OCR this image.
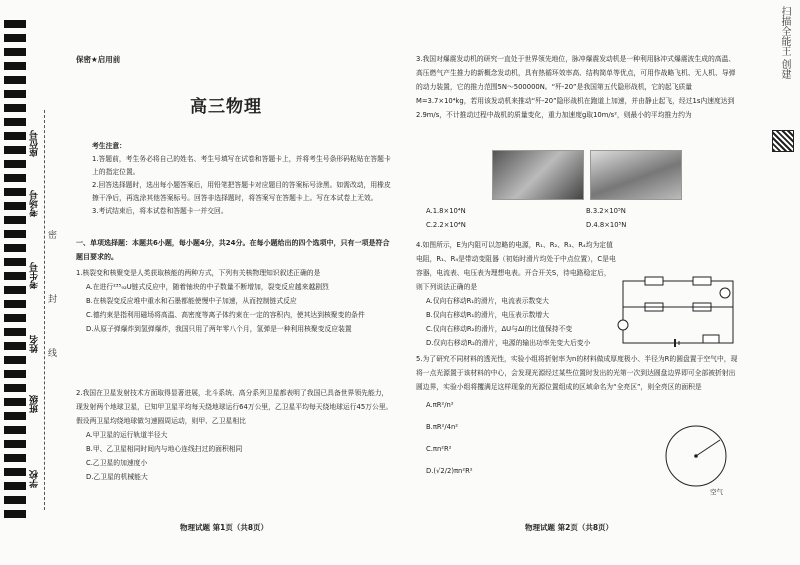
学校
班级
姓名
考生号
考场号
座位号
密
封
线
保密★启用前
高三物理
考生注意：
1.答题前，考生务必将自己的姓名、考生号填写在试卷和答题卡上，并将考生号条形码粘贴在答题卡上的指定位置。
2.回答选择题时，选出每小题答案后，用铅笔把答题卡对应题目的答案标号涂黑。如需改动，用橡皮擦干净后，再选涂其他答案标号。回答非选择题时，将答案写在答题卡上。写在本试卷上无效。
3.考试结束后，将本试卷和答题卡一并交回。
一、单项选择题：本题共6小题，每小题4分，共24分。在每小题给出的四个选项中，只有一项是符合题目要求的。
1.核裂变和核聚变是人类获取核能的两种方式，下列有关核物理知识叙述正确的是
A.在进行²³⁵₉₂U链式反应中，随着铀块的中子数量不断增加，裂变反应越来越剧烈
B.在核裂变反应堆中重水和石墨都能使慢中子加速，从而控制链式反应
C.德约束是指利用磁场将高温、高密度等离子体约束在一定的容积内，使其达到核聚变的条件
D.从原子弹爆炸到氢弹爆炸，我国只用了两年零八个月，氢弹是一种利用核聚变反应装置
2.我国在卫星发射技术方面取得显著进展，北斗系统、高分系列卫星都表明了我国已具备世界领先能力，现发射两个地球卫星，已知甲卫星平均每天绕地球运行64万公里，乙卫星平均每天绕地球运行45万公里。假设两卫星均绕地球做匀速圆周运动，则甲、乙卫星相比
A.甲卫星的运行轨道半径大
B.甲、乙卫星相同时间内与地心连线扫过的面积相同
C.乙卫星的加速度小
D.乙卫星的机械能大
物理试题 第1页（共8页）
3.我国对爆震发动机的研究一直处于世界领先地位，脉冲爆震发动机是一种利用脉冲式爆震波生成的高温、高压燃气产生推力的新概念发动机，具有热循环效率高、结构简单等优点，可用作战略飞机、无人机、导弹的动力装置，它的推力范围5N～500000N。“歼-20”是我国第五代隐形战机，它的起飞质量M=3.7×10⁴kg，若用该发动机来推动“歼-20”隐形战机在跑道上加速，并由静止起飞，经过1s内速度达到2.9m/s，不计推动过程中战机的质量变化，重力加速度g取10m/s²，则最小的平均推力约为
A.1.8×10⁴N	B.3.2×10⁵N
C.2.2×10⁴N	D.4.8×10⁵N
4.如图所示，E为内阻可以忽略的电源，R₁、R₂、R₃、R₄均为定值电阻，R₁、R₄是带动变阻器（初始时滑片均处于中点位置），C是电容器，电流表、电压表为理想电表。开合开关S，待电路稳定后，则下列说法正确的是
A.仅向右移动R₁的滑片，电流表示数变大
B.仅向右移动R₁的滑片，电压表示数增大
C.仅向右移动R₂的滑片，ΔU与ΔI的比值保持不变
D.仅向右移动R₂的滑片，电源的输出功率先变大后变小
5.为了研究不同材料的透光性，实验小组将折射率为n的材料做成厚度极小、半径为R的圆盘置于空气中，现将一点光源置于该材料的中心，会发现光源经过某些位置时发出的光第一次到达圆盘边界即可全部被折射出圆边界，实验小组将攫满足这样现象的光源位置组成的区域命名为“全亮区”，则全亮区的面积是
A.πR²/n²
B.πR²/4n²
C.πn²R²
D.(√2/2)πn²R²
空气
物理试题 第2页（共8页）
扫描全能王 创建
